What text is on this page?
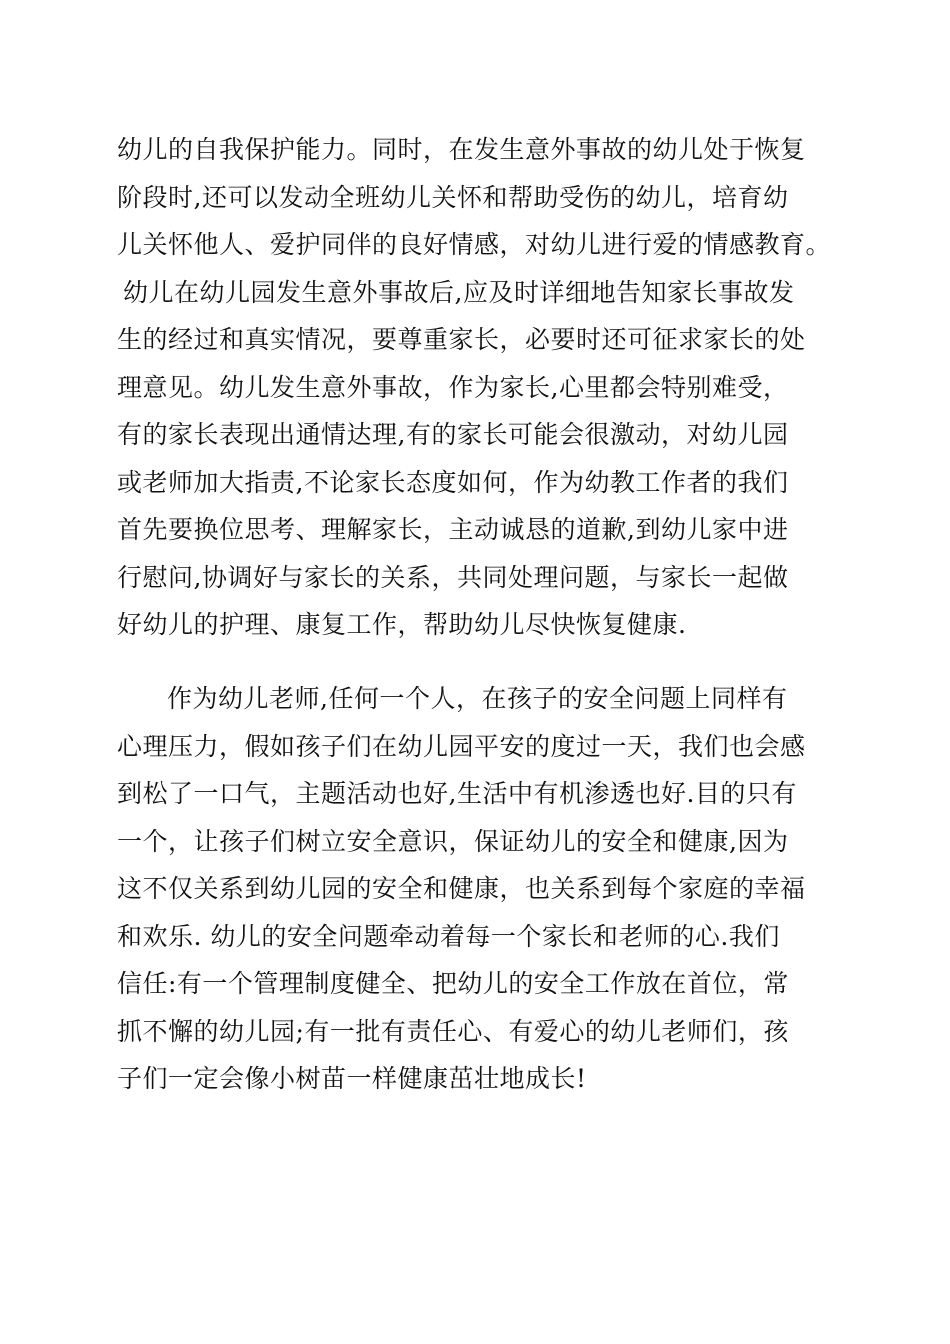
幼儿的自我保护能力。同时，在发生意外事故的幼儿处于恢复
阶段时,还可以发动全班幼儿关怀和帮助受伤的幼儿，培育幼
儿关怀他人、爱护同伴的良好情感，对幼儿进行爱的情感教育。
幼儿在幼儿园发生意外事故后,应及时详细地告知家长事故发
生的经过和真实情况，要尊重家长，必要时还可征求家长的处
理意见。幼儿发生意外事故，作为家长,心里都会特别难受，
有的家长表现出通情达理,有的家长可能会很激动，对幼儿园
或老师加大指责,不论家长态度如何，作为幼教工作者的我们
首先要换位思考、理解家长，主动诚恳的道歉,到幼儿家中进
行慰问,协调好与家长的关系，共同处理问题，与家长一起做
好幼儿的护理、康复工作，帮助幼儿尽快恢复健康.
作为幼儿老师,任何一个人，在孩子的安全问题上同样有
心理压力，假如孩子们在幼儿园平安的度过一天，我们也会感
到松了一口气，主题活动也好,生活中有机渗透也好.目的只有
一个，让孩子们树立安全意识，保证幼儿的安全和健康,因为
这不仅关系到幼儿园的安全和健康，也关系到每个家庭的幸福
和欢乐. 幼儿的安全问题牵动着每一个家长和老师的心.我们
信任:有一个管理制度健全、把幼儿的安全工作放在首位，常
抓不懈的幼儿园;有一批有责任心、有爱心的幼儿老师们，孩
子们一定会像小树苗一样健康茁壮地成长!
